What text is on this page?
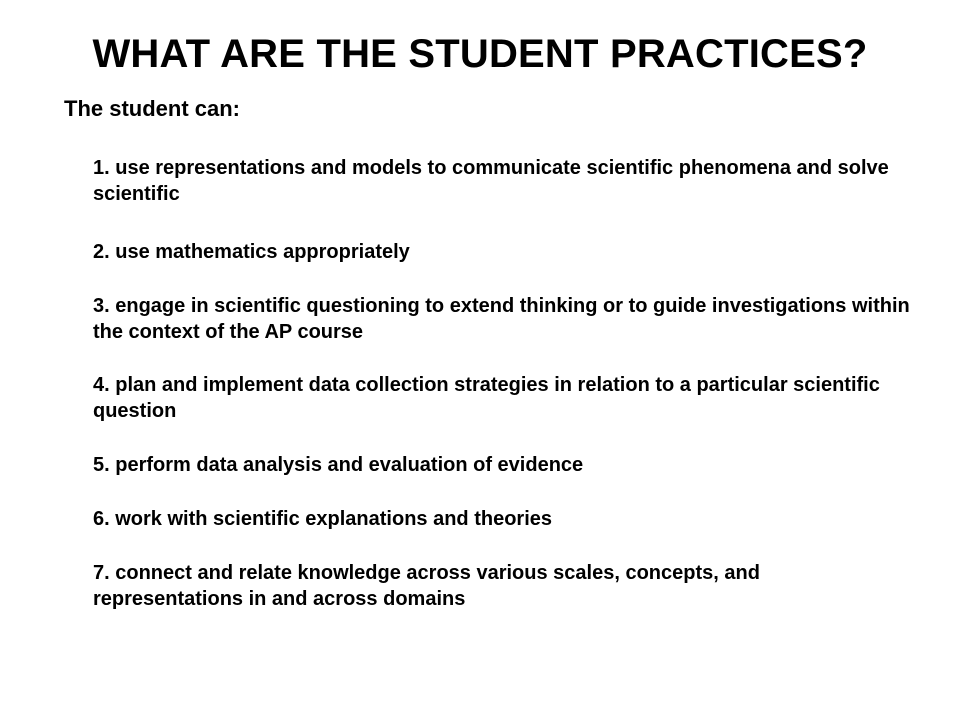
WHAT ARE THE STUDENT PRACTICES?

The student can:

1. use representations and models to communicate scientific phenomena and solve scientific
2. use mathematics appropriately
3. engage in scientific questioning to extend thinking or to guide investigations within the context of the AP course
4. plan and implement data collection strategies in relation to a particular scientific question
5. perform data analysis and evaluation of evidence
6. work with scientific explanations and theories
7. connect and relate knowledge across various scales, concepts, and representations in and across domains
